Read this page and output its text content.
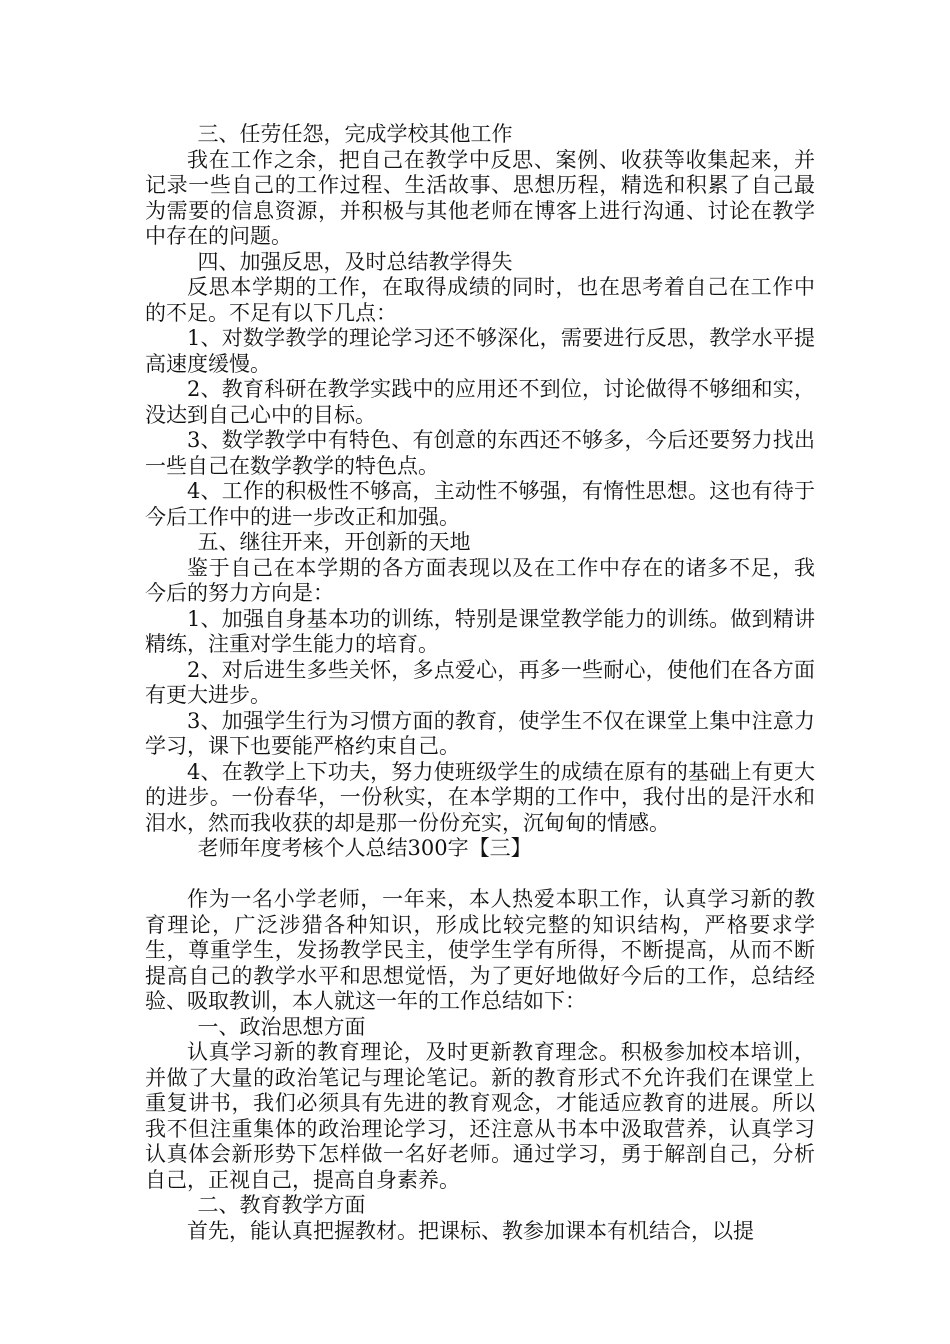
三、任劳任怨，完成学校其他工作

我在工作之余，把自己在教学中反思、案例、收获等收集起来，并记录一些自己的工作过程、生活故事、思想历程，精选和积累了自己最为需要的信息资源，并积极与其他老师在博客上进行沟通、讨论在教学中存在的问题。

四、加强反思，及时总结教学得失

反思本学期的工作，在取得成绩的同时，也在思考着自己在工作中的不足。不足有以下几点：

1、对数学教学的理论学习还不够深化，需要进行反思，教学水平提高速度缓慢。

2、教育科研在教学实践中的应用还不到位，讨论做得不够细和实，没达到自己心中的目标。

3、数学教学中有特色、有创意的东西还不够多，今后还要努力找出一些自己在数学教学的特色点。

4、工作的积极性不够高，主动性不够强，有惰性思想。这也有待于今后工作中的进一步改正和加强。

五、继往开来，开创新的天地

鉴于自己在本学期的各方面表现以及在工作中存在的诸多不足，我今后的努力方向是：

1、加强自身基本功的训练，特别是课堂教学能力的训练。做到精讲精练，注重对学生能力的培育。

2、对后进生多些关怀，多点爱心，再多一些耐心，使他们在各方面有更大进步。

3、加强学生行为习惯方面的教育，使学生不仅在课堂上集中注意力学习，课下也要能严格约束自己。

4、在教学上下功夫，努力使班级学生的成绩在原有的基础上有更大的进步。一份春华，一份秋实，在本学期的工作中，我付出的是汗水和泪水，然而我收获的却是那一份份充实，沉甸甸的情感。

老师年度考核个人总结300字【三】

作为一名小学老师，一年来，本人热爱本职工作，认真学习新的教育理论，广泛涉猎各种知识，形成比较完整的知识结构，严格要求学生，尊重学生，发扬教学民主，使学生学有所得，不断提高，从而不断提高自己的教学水平和思想觉悟，为了更好地做好今后的工作，总结经验、吸取教训，本人就这一年的工作总结如下：

一、政治思想方面

认真学习新的教育理论，及时更新教育理念。积极参加校本培训，并做了大量的政治笔记与理论笔记。新的教育形式不允许我们在课堂上重复讲书，我们必须具有先进的教育观念，才能适应教育的进展。所以我不但注重集体的政治理论学习，还注意从书本中汲取营养，认真学习认真体会新形势下怎样做一名好老师。通过学习，勇于解剖自己，分析自己，正视自己，提高自身素养。

二、教育教学方面

首先，能认真把握教材。把课标、教参加课本有机结合，以提
